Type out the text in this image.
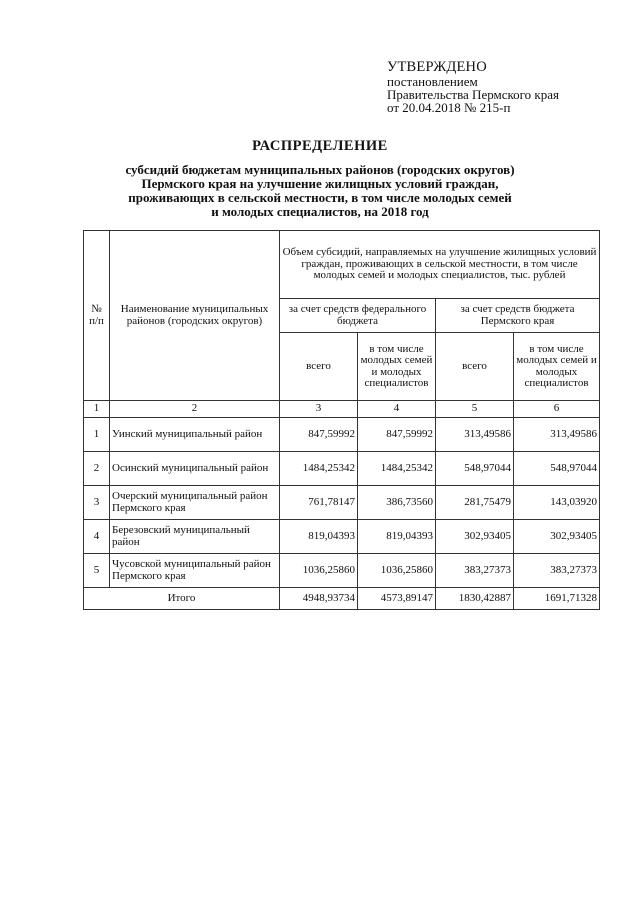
УТВЕРЖДЕНО
постановлением
Правительства Пермского края
от 20.04.2018 № 215-п
РАСПРЕДЕЛЕНИЕ
субсидий бюджетам муниципальных районов (городских округов)
Пермского края на улучшение жилищных условий граждан,
проживающих в сельской местности, в том числе молодых семей
и молодых специалистов, на 2018 год
№ п/п	Наименование муниципальных районов (городских округов)	Объем субсидий, направляемых на улучшение жилищных условий граждан, проживающих в сельской местности, в том числе молодых семей и молодых специалистов, тыс. рублей			
		за счет средств федерального бюджета		за счет средств бюджета Пермского края	
		всего	в том числе молодых семей и молодых специалистов	всего	в том числе молодых семей и молодых специалистов
1	2	3	4	5	6
1	Уинский муниципальный район	847,59992	847,59992	313,49586	313,49586
2	Осинский муниципальный район	1484,25342	1484,25342	548,97044	548,97044
3	Очерский муниципальный район Пермского края	761,78147	386,73560	281,75479	143,03920
4	Березовский муниципальный район	819,04393	819,04393	302,93405	302,93405
5	Чусовской муниципальный район Пермского края	1036,25860	1036,25860	383,27373	383,27373
Итого		4948,93734	4573,89147	1830,42887	1691,71328
